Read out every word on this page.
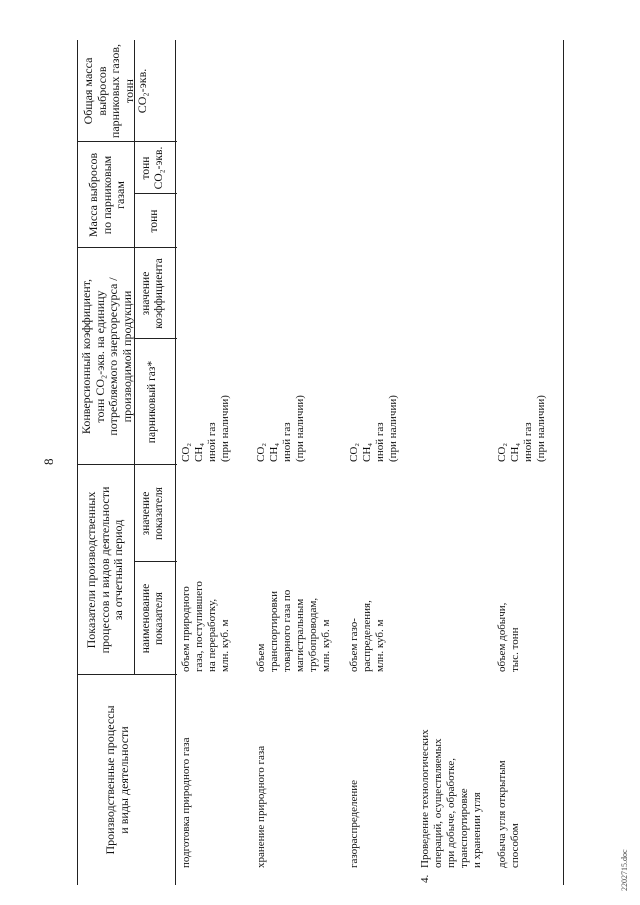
8
Производственные процессы
и виды деятельности
Показатели производственных
процессов и видов деятельности
за отчетный период
наименование
показателя
значение
показателя
Конверсионный коэффициент,
тонн CO₂-экв. на единицу
потребляемого энергоресурса /
производимой продукции
парниковый газ*
значение
коэффициента
Масса выбросов
по парниковым
газам
тонн
тонн
CO₂-экв.
Общая масса
выбросов
парниковых газов,
тонн
CO₂-экв.
подготовка природного газа
объем природного
газа, поступившего
на переработку,
млн. куб. м
CO₂
CH₄
иной газ
(при наличии)
хранение природного газа
объем
транспортировки
товарного газа по
магистральным
трубопроводам,
млн. куб. м
CO₂
CH₄
иной газ
(при наличии)
газораспределение
объем газо-
распределения,
млн. куб. м
CO₂
CH₄
иной газ
(при наличии)
4.
Проведение технологических
операций, осуществляемых
при добыче, обработке,
транспортировке
и хранении угля
добыча угля открытым
способом
объем добычи,
тыс. тонн
CO₂
CH₄
иной газ
(при наличии)
2202715.doc
